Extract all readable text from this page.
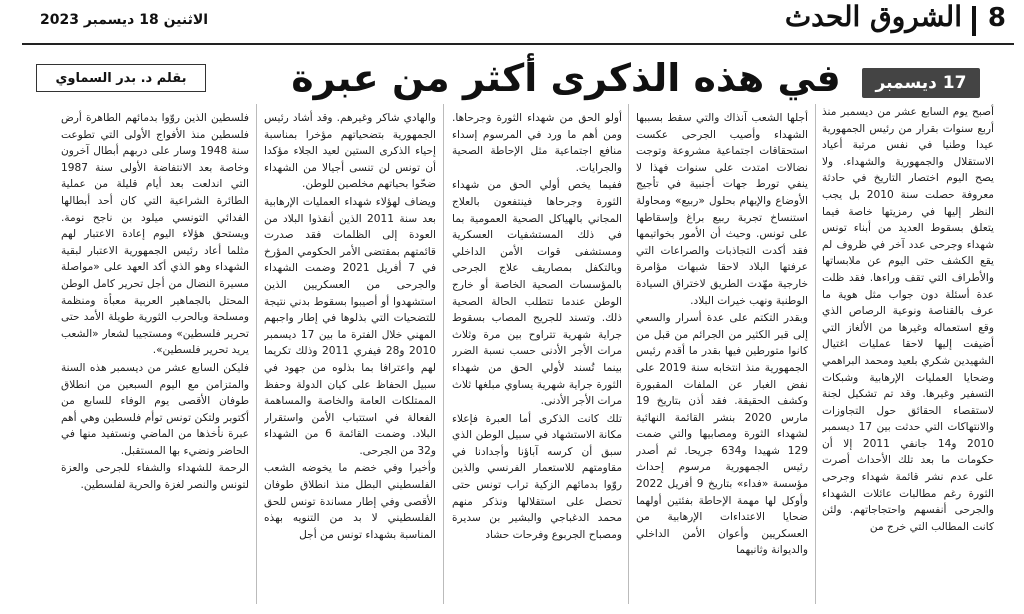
8
الشروق الحدث
الاثنين 18 ديسمبر 2023
17 ديسمبر
في هذه الذكرى أكثر من عبرة
بقلم د. بدر السماوي

أصبح يوم السابع عشر من ديسمبر منذ أربع سنوات بقرار من رئيس الجمهورية عيدا وطنيا في نفس مرتبة أعياد الاستقلال والجمهورية والشهداء. ولا يصح اليوم اختصار التاريخ في حادثة معروفة حصلت سنة 2010 بل يجب النظر إليها في رمزيتها خاصة فيما يتعلق بسقوط العديد من أبناء تونس شهداء وجرحى عدد آخر في ظروف لم يقع الكشف حتى اليوم عن ملابساتها والأطراف التي تقف وراءها. فقد ظلت عدة أسئلة دون جواب مثل هوية ما عرف بالقناصة ونوعية الرصاص الذي وقع استعماله وغيرها من الألغاز التي أضيفت إليها لاحقا عمليات اغتيال الشهيدين شكري بلعيد ومحمد البراهمي وضحايا العمليات الإرهابية وشبكات التسفير وغيرها. وقد تم تشكيل لجنة لاستقصاء الحقائق حول التجاوزات والانتهاكات التي حدثت بين 17 ديسمبر 2010 و14 جانفي 2011 إلا أن حكومات ما بعد تلك الأحداث أصرت على عدم نشر قائمة شهداء وجرحى الثورة رغم مطالبات عائلات الشهداء والجرحى أنفسهم واحتجاجاتهم. ولئن كانت المطالب التي خرج من

أجلها الشعب آنذاك والتي سقط بسببها الشهداء وأصيب الجرحى عكست استحقاقات اجتماعية مشروعة وتوجت نضالات امتدت على سنوات فهذا لا ينفي تورط جهات أجنبية في تأجيج الأوضاع والإيهام بحلول «ربيع» ومحاولة استنساخ تجربة ربيع براغ وإسقاطها على تونس. وحيث أن الأمور بخواتيمها فقد أكدت التجاذبات والصراعات التي عرفتها البلاد لاحقا شبهات مؤامرة خارجية مهّدت الطريق لاختراق السيادة الوطنية ونهب خيرات البلاد.

وبقدر التكتم على عدة أسرار والسعي إلى قبر الكثير من الجرائم من قبل من كانوا متورطين فيها بقدر ما أقدم رئيس الجمهورية منذ انتخابه سنة 2019 على نفض الغبار عن الملفات المقبورة وكشف الحقيقة. فقد أذن بتاريخ 19 مارس 2020 بنشر القائمة النهائية لشهداء الثورة ومصابيها والتي ضمت 129 شهيدا و634 جريحا. ثم أصدر رئيس الجمهورية مرسوم إحداث مؤسسة «فداء» بتاريخ 9 أفريل 2022 وأوكل لها مهمة الإحاطة بفئتين أولهما ضحايا الاعتداءات الإرهابية من العسكريين وأعوان الأمن الداخلي والديوانة وثانيهما

أولو الحق من شهداء الثورة وجرحاها. ومن أهم ما ورد في المرسوم إسداء منافع اجتماعية مثل الإحاطة الصحية والجرايات.

ففيما يخص أولي الحق من شهداء الثورة وجرحاها فينتفعون بالعلاج المجاني بالهياكل الصحية العمومية بما في ذلك المستشفيات العسكرية ومستشفى قوات الأمن الداخلي وبالتكفل بمصاريف علاج الجرحى بالمؤسسات الصحية الخاصة أو خارج الوطن عندما تتطلب الحالة الصحية ذلك. وتسند للجريح المصاب بسقوط جراية شهرية تتراوح بين مرة وثلاث مرات الأجر الأدنى حسب نسبة الضرر بينما تُسند لأولي الحق من شهداء الثورة جراية شهرية يساوي مبلغها ثلاث مرات الأجر الأدنى.

تلك كانت الذكرى أما العبرة فإعلاء مكانة الاستشهاد في سبيل الوطن الذي سبق أن كرسه آباؤنا وأجدادنا في مقاومتهم للاستعمار الفرنسي والذين روّوا بدمائهم الزكية تراب تونس حتى تحصل على استقلالها ونذكر منهم محمد الدغباجي والبشير بن سديرة ومصباح الجربوع وفرحات حشاد

والهادي شاكر وغيرهم. وقد أشاد رئيس الجمهورية بتضحياتهم مؤخرا بمناسبة إحياء الذكرى الستين لعيد الجلاء مؤكدا أن تونس لن تنسى أجيالا من الشهداء ضحّوا بحياتهم مخلصين للوطن.

ويضاف لهؤلاء شهداء العمليات الإرهابية بعد سنة 2011 الذين أنقذوا البلاد من العودة إلى الظلمات فقد صدرت قائمتهم بمقتضى الأمر الحكومي المؤرخ في 7 أفريل 2021 وضمت الشهداء والجرحى من العسكريين الذين استشهدوا أو أصيبوا بسقوط بدني نتيجة للتضحيات التي بذلوها في إطار واجبهم المهني خلال الفترة ما بين 17 ديسمبر 2010 و28 فيفري 2011 وذلك تكريما لهم واعترافا بما بذلوه من جهود في سبيل الحفاظ على كيان الدولة وحفظ الممتلكات العامة والخاصة والمساهمة الفعالة في استتباب الأمن واستقرار البلاد. وضمت القائمة 6 من الشهداء و32 من الجرحى.

وأخيرا وفي خضم ما يخوضه الشعب الفلسطيني البطل منذ انطلاق طوفان الأقصى وفي إطار مساندة تونس للحق الفلسطيني لا بد من التنويه بهذه المناسبة بشهداء تونس من أجل

فلسطين الذين روّوا بدمائهم الطاهرة أرض فلسطين منذ الأفواج الأولى التي تطوعت سنة 1948 وسار على دربهم أبطال آخرون وخاصة بعد الانتفاضة الأولى سنة 1987 التي اندلعت بعد أيام قليلة من عملية الطائرة الشراعية التي كان أحد أبطالها الفدائي التونسي ميلود بن ناجح نومة. ويستحق هؤلاء اليوم إعادة الاعتبار لهم مثلما أعاد رئيس الجمهورية الاعتبار لبقية الشهداء وهو الذي أكد العهد على «مواصلة مسيرة النضال من أجل تحرير كامل الوطن المحتل بالجماهير العربية معبأة ومنظمة ومسلحة وبالحرب الثورية طويلة الأمد حتى تحرير فلسطين» ومستجيبا لشعار «الشعب يريد تحرير فلسطين».

فليكن السابع عشر من ديسمبر هذه السنة والمتزامن مع اليوم السبعين من انطلاق طوفان الأقصى يوم الوفاء للسابع من أكتوبر ولتكن تونس توأم فلسطين وهي أهم عبرة نأخذها من الماضي ونستفيد منها في الحاضر ونضيء بها المستقبل.

الرحمة للشهداء والشفاء للجرحى والعزة لتونس والنصر لغزة والحرية لفلسطين.
